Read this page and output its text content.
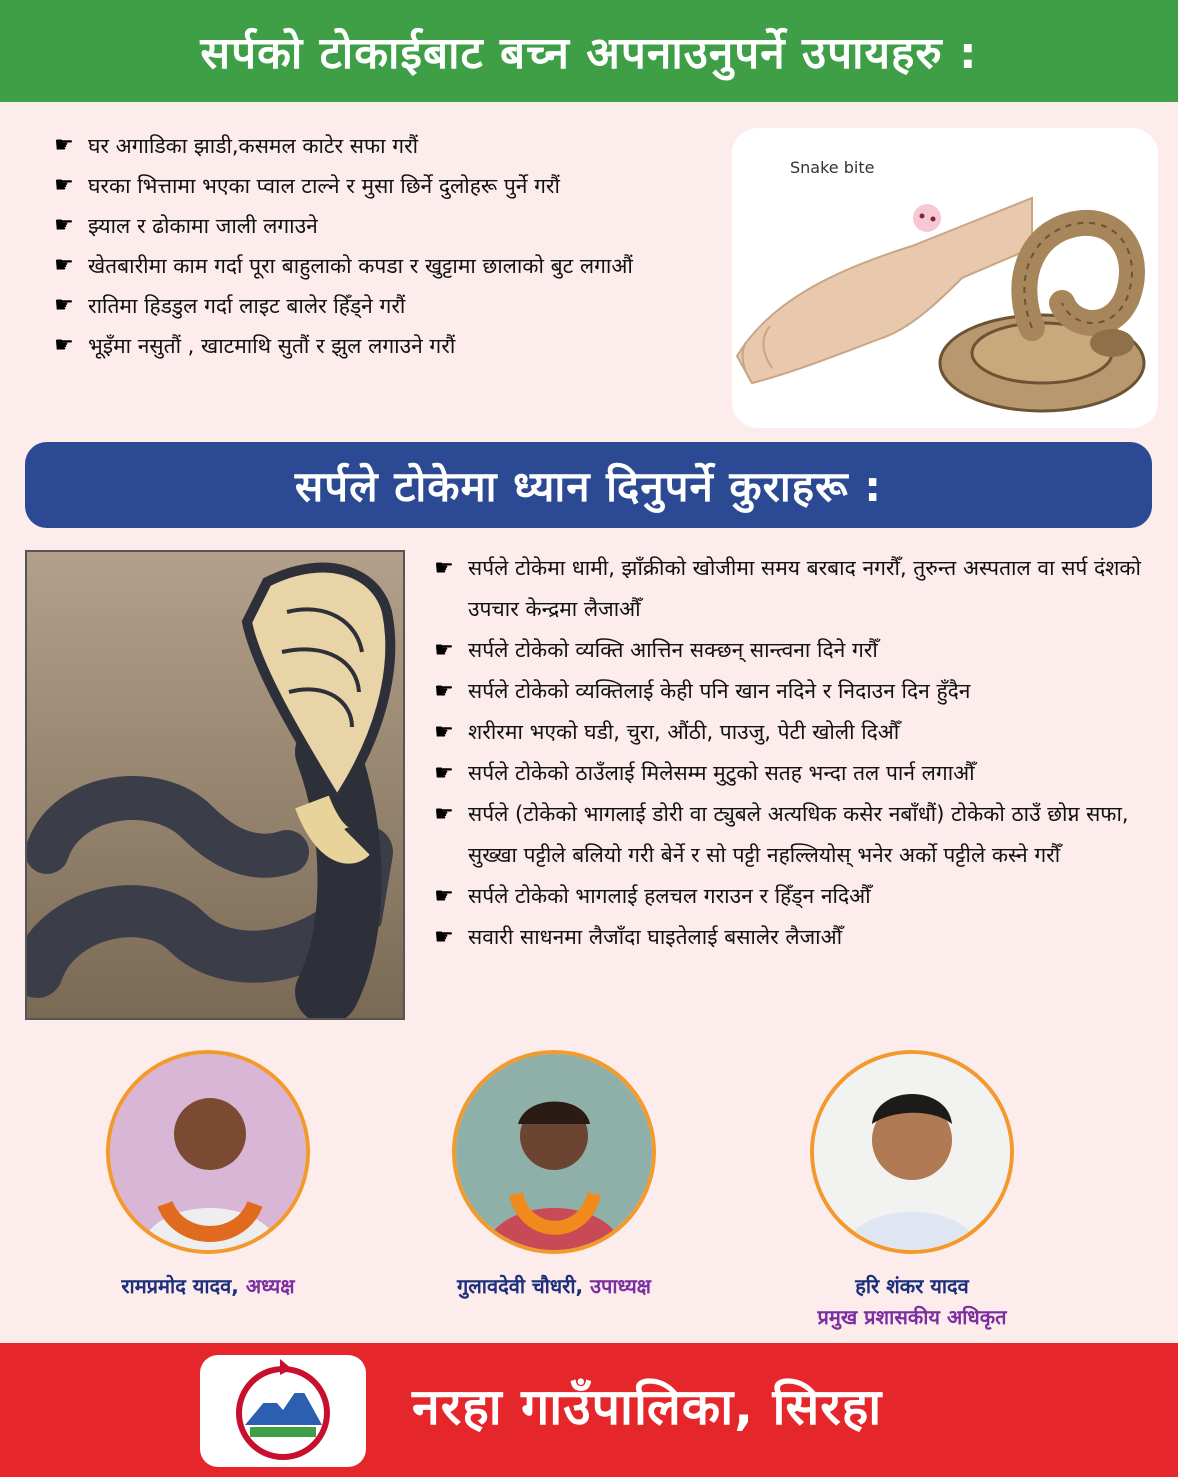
सर्पको टोकाईबाट बच्न अपनाउनुपर्ने उपायहरु :
☛ घर अगाडिका झाडी,कसमल काटेर सफा गरौं
☛ घरका भित्तामा भएका प्वाल टाल्ने र मुसा छिर्ने दुलोहरू पुर्ने गरौं
☛ झ्याल र ढोकामा जाली लगाउने
☛ खेतबारीमा काम गर्दा पूरा बाहुलाको कपडा र खुट्टामा छालाको बुट लगाऔं
☛ रातिमा हिडडुल गर्दा लाइट बालेर हिँड्ने गरौं
☛ भूइँमा नसुतौं , खाटमाथि सुतौं र झुल लगाउने गरौं
Snake bite
सर्पले टोकेमा ध्यान दिनुपर्ने कुराहरू :
☛ सर्पले टोकेमा धामी, झाँक्रीको खोजीमा समय बरबाद नगरौँ, तुरुन्त अस्पताल वा सर्प दंशको उपचार केन्द्रमा लैजाऔँ
☛ सर्पले टोकेको व्यक्ति आत्तिन सक्छन् सान्त्वना दिने गरौँ
☛ सर्पले टोकेको व्यक्तिलाई केही पनि खान नदिने र निदाउन दिन हुँदैन
☛ शरीरमा भएको घडी, चुरा, औंठी, पाउजु, पेटी खोली दिऔँ
☛ सर्पले टोकेको ठाउँलाई मिलेसम्म मुटुको सतह भन्दा तल पार्न लगाऔँ
☛ सर्पले (टोकेको भागलाई डोरी वा ट्युबले अत्यधिक कसेर नबाँधौं) टोकेको ठाउँ छोप्न सफा, सुख्खा पट्टीले बलियो गरी बेर्ने र सो पट्टी नहल्लियोस् भनेर अर्को पट्टीले कस्ने गरौँ
☛ सर्पले टोकेको भागलाई हलचल गराउन र हिँड्न नदिऔँ
☛ सवारी साधनमा लैजाँदा घाइतेलाई बसालेर लैजाऔँ
रामप्रमोद यादव, अध्यक्ष	गुलावदेवी चौधरी, उपाध्यक्ष	हरि शंकर यादव
प्रमुख प्रशासकीय अधिकृत
नरहा गाउँपालिका, सिरहा
